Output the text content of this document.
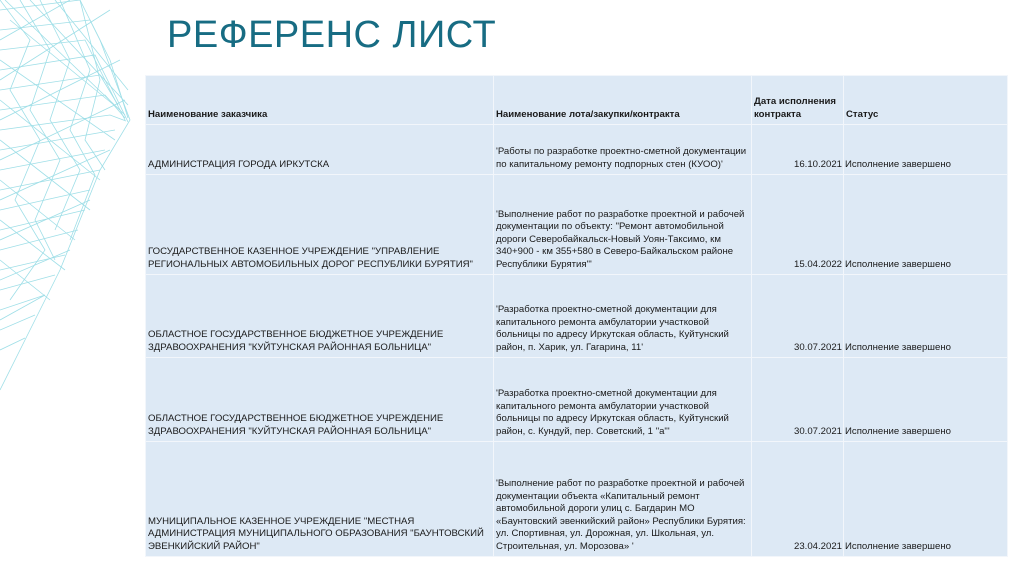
РЕФЕРЕНС ЛИСТ
Наименование заказчика	Наименование лота/закупки/контракта	Дата исполнения контракта	Статус
АДМИНИСТРАЦИЯ ГОРОДА ИРКУТСКА	'Работы по разработке проектно-сметной документации по капитальному ремонту подпорных стен (КУОО)'	16.10.2021	Исполнение завершено
ГОСУДАРСТВЕННОЕ КАЗЕННОЕ УЧРЕЖДЕНИЕ "УПРАВЛЕНИЕ РЕГИОНАЛЬНЫХ АВТОМОБИЛЬНЫХ ДОРОГ РЕСПУБЛИКИ БУРЯТИЯ"	'Выполнение работ по разработке проектной и рабочей документации по объекту: "Ремонт автомобильной дороги Северобайкальск-Новый Уоян-Таксимо, км 340+900 - км 355+580 в Северо-Байкальском районе Республики Бурятия"'	15.04.2022	Исполнение завершено
ОБЛАСТНОЕ ГОСУДАРСТВЕННОЕ БЮДЖЕТНОЕ УЧРЕЖДЕНИЕ ЗДРАВООХРАНЕНИЯ "КУЙТУНСКАЯ РАЙОННАЯ БОЛЬНИЦА"	'Разработка проектно-сметной документации для капитального ремонта амбулатории участковой больницы по адресу Иркутская область, Куйтунский район, п. Харик, ул. Гагарина, 11'	30.07.2021	Исполнение завершено
ОБЛАСТНОЕ ГОСУДАРСТВЕННОЕ БЮДЖЕТНОЕ УЧРЕЖДЕНИЕ ЗДРАВООХРАНЕНИЯ "КУЙТУНСКАЯ РАЙОННАЯ БОЛЬНИЦА"	'Разработка проектно-сметной документации для капитального ремонта амбулатории участковой больницы по адресу Иркутская область, Куйтунский район, с. Кундуй, пер. Советский, 1 "а"'	30.07.2021	Исполнение завершено
МУНИЦИПАЛЬНОЕ КАЗЕННОЕ УЧРЕЖДЕНИЕ "МЕСТНАЯ АДМИНИСТРАЦИЯ МУНИЦИПАЛЬНОГО ОБРАЗОВАНИЯ "БАУНТОВСКИЙ ЭВЕНКИЙСКИЙ РАЙОН"	'Выполнение работ по разработке проектной и рабочей документации объекта «Капитальный ремонт автомобильной дороги улиц с. Багдарин МО «Баунтовский эвенкийский район» Республики Бурятия: ул. Спортивная, ул. Дорожная, ул. Школьная, ул. Строительная, ул. Морозова» '	23.04.2021	Исполнение завершено
